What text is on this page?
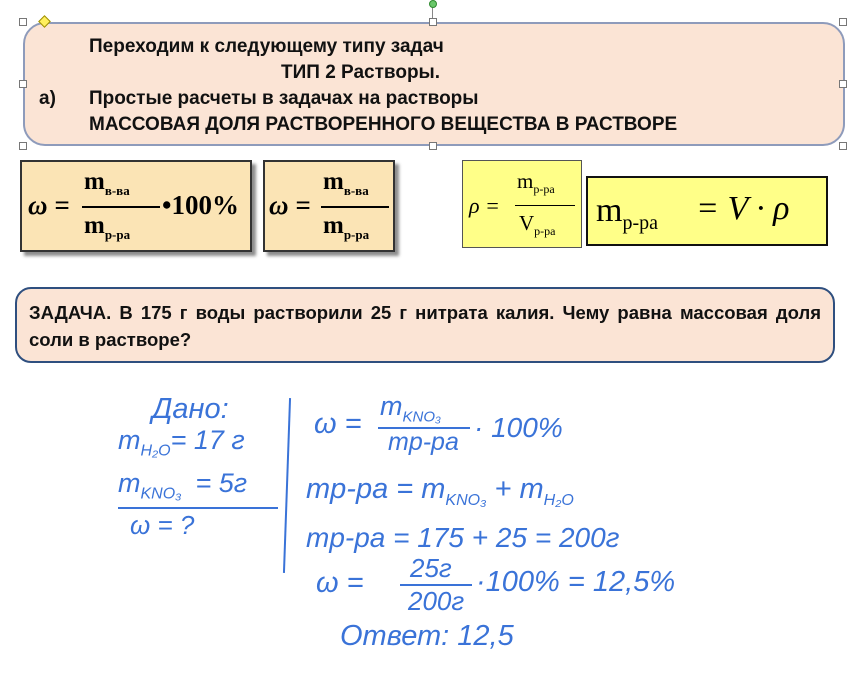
Переходим к следующему типу задач
ТИП 2 Растворы.
а) Простые расчеты в задачах на растворы
МАССОВАЯ ДОЛЯ РАСТВОРЕННОГО ВЕЩЕСТВА В РАСТВОРЕ
ω =
$m_{в-ва}$
$m_{р-ра}$
•100% ω =
$m_{в-ва}$
$m_{р-ра}$
ρ =
$m_{р-ра}$
$V_{р-ра}$
$m_{р-ра} = V \cdot \rho$
ЗАДАЧА. В 175 г воды растворили 25 г нитрата калия. Чему равна массовая доля соли в растворе?
Дано:
$m_{H_2O}= 17$ г
$m_{KNO_3} = 5г$
ω = ?
ω =
$m_{KNO_3}$
mр-ра · 100%
$mр-ра = m_{KNO_3} + m_{H_2O}$
mр-ра = 175 + 25 = 200г
ω = 25г
200г
·100% = 12,5%
Ответ: 12,5
